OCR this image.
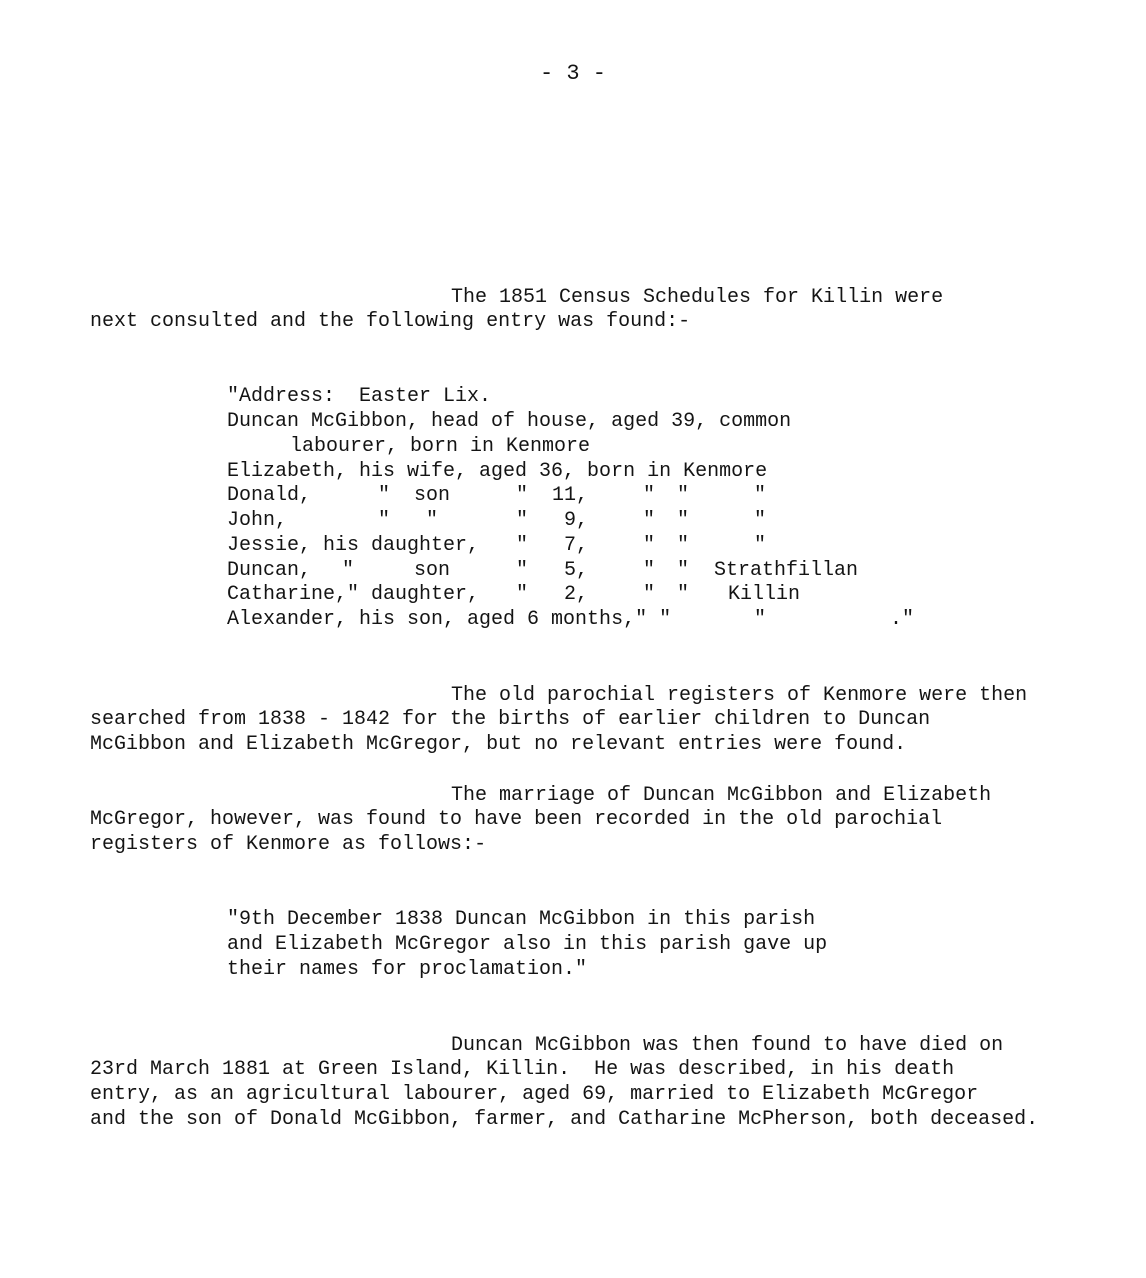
- 3 -
The 1851 Census Schedules for Killin were
next consulted and the following entry was found:-
"Address:  Easter Lix.
Duncan McGibbon, head of house, aged 39, common
labourer, born in Kenmore
Elizabeth, his wife, aged 36, born in Kenmore
Donald,	" son	" 11,	" "	"
John,	" "	" 9,	" "	"
Jessie, his daughter, " 7,	" "	"
Duncan, "	son	" 5,	" " Strathfillan
Catharine," daughter, " 2,	" " Killin
Alexander, his son, aged 6 months," "	"	."
The old parochial registers of Kenmore were then
searched from 1838 - 1842 for the births of earlier children to Duncan
McGibbon and Elizabeth McGregor, but no relevant entries were found.
The marriage of Duncan McGibbon and Elizabeth
McGregor, however, was found to have been recorded in the old parochial
registers of Kenmore as follows:-
"9th December 1838 Duncan McGibbon in this parish
and Elizabeth McGregor also in this parish gave up
their names for proclamation."
Duncan McGibbon was then found to have died on
23rd March 1881 at Green Island, Killin.  He was described, in his death
entry, as an agricultural labourer, aged 69, married to Elizabeth McGregor
and the son of Donald McGibbon, farmer, and Catharine McPherson, both deceased.
